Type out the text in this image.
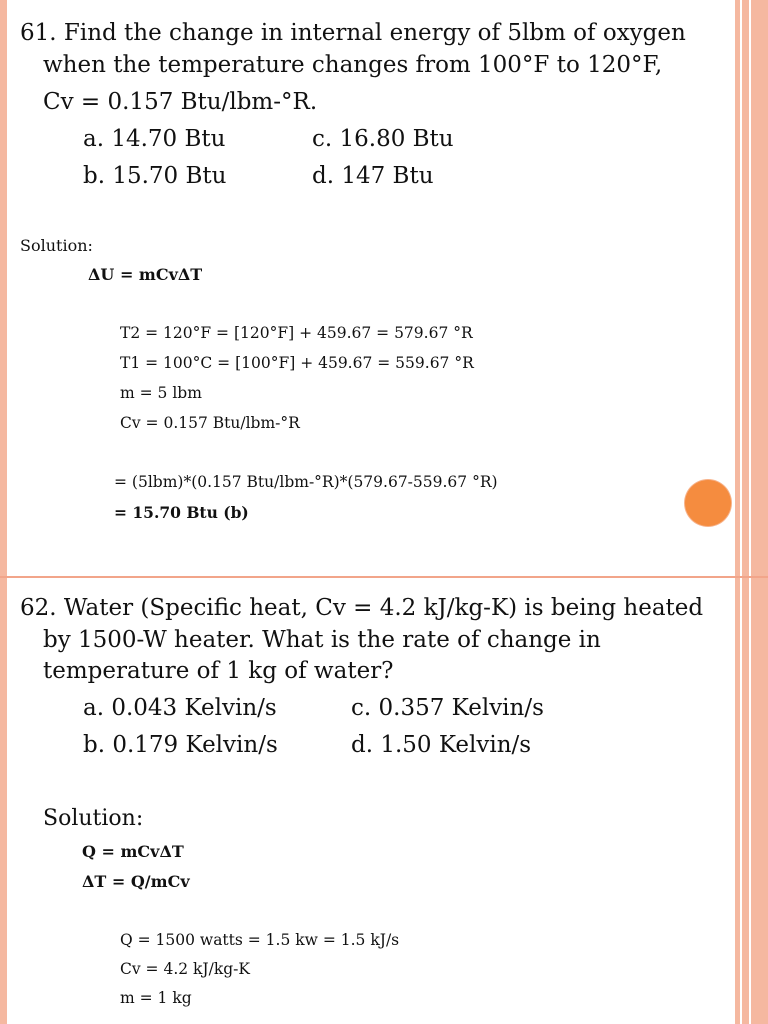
61. Find the change in internal energy of 5lbm of oxygen
when the temperature changes from 100°F to 120°F,
Cv = 0.157 Btu/lbm-°R.
a. 14.70 Btu	c. 16.80 Btu
b. 15.70 Btu	d. 147 Btu
Solution:
ΔU = mCvΔT
T2 = 120°F = [120°F] + 459.67 = 579.67 °R
T1 = 100°C = [100°F] + 459.67 = 559.67 °R
m = 5 lbm
Cv = 0.157 Btu/lbm-°R
= (5lbm)*(0.157 Btu/lbm-°R)*(579.67-559.67 °R)
= 15.70 Btu (b)
62. Water (Specific heat, Cv = 4.2 kJ/kg-K) is being heated
by 1500-W heater. What is the rate of change in
temperature of 1 kg of water?
a. 0.043 Kelvin/s	c. 0.357 Kelvin/s
b. 0.179 Kelvin/s	d. 1.50 Kelvin/s
Solution:
Q = mCvΔT
ΔT = Q/mCv
Q = 1500 watts = 1.5 kw = 1.5 kJ/s
Cv = 4.2 kJ/kg-K
m = 1 kg
